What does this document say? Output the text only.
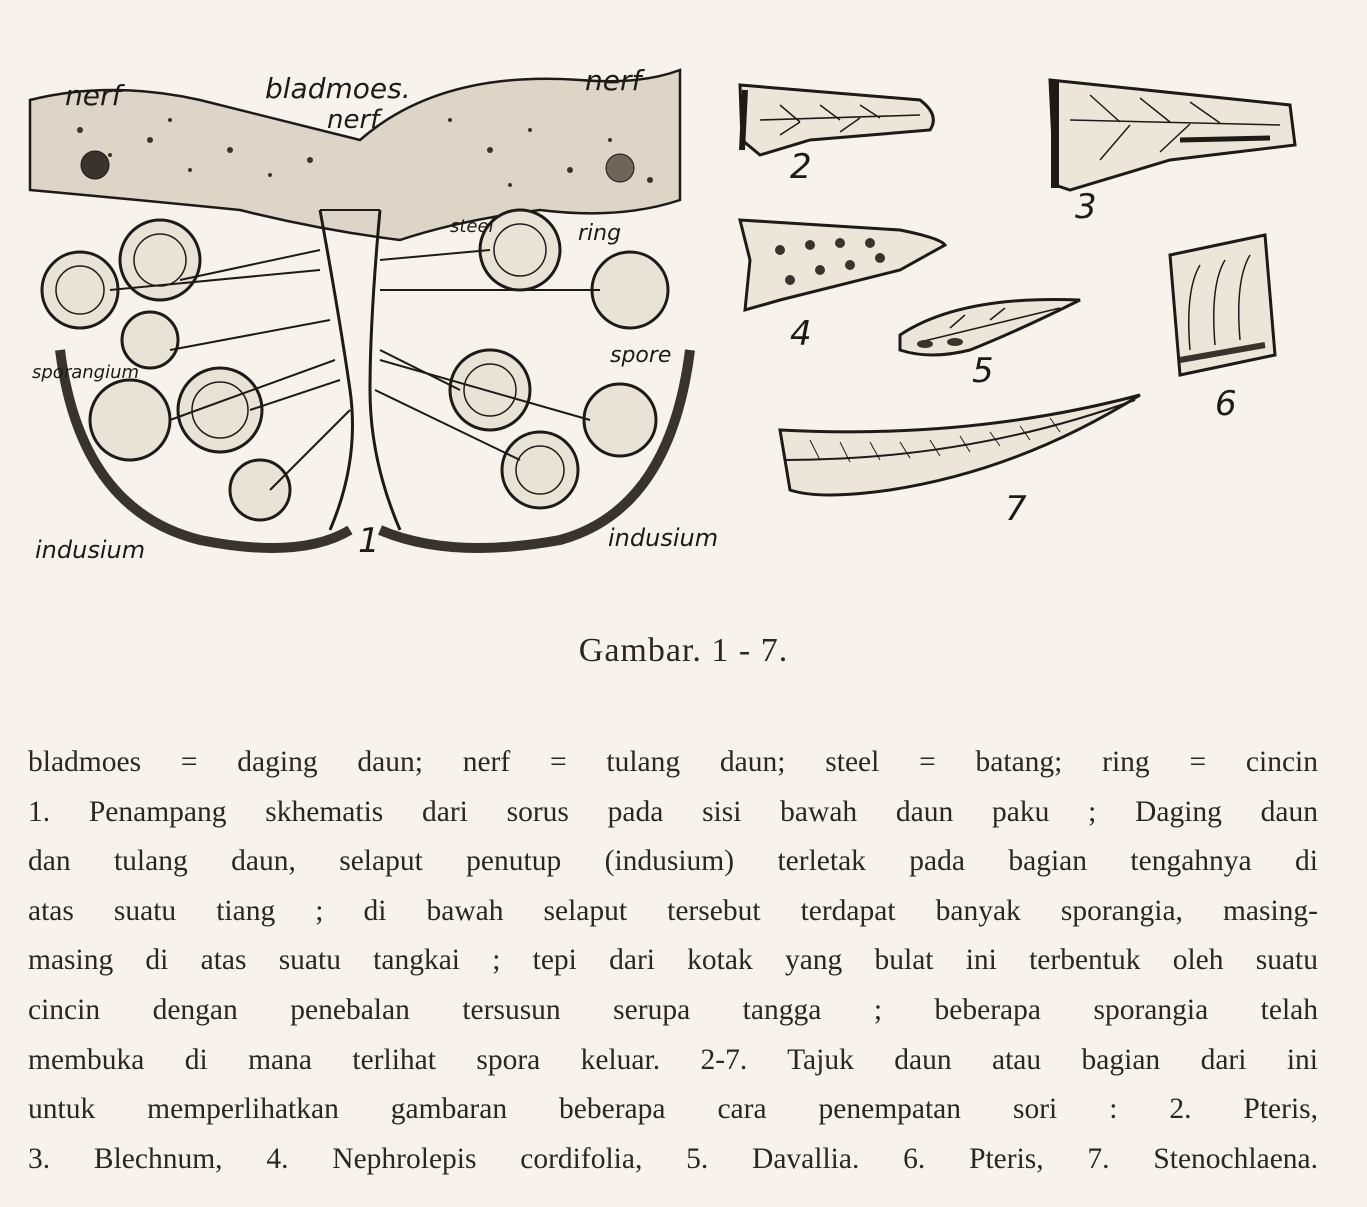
nerf	bladmoes.
nerf
nerf
steel	ring
sporangium
spore
indusium	indusium
1
2
3
4
5
6
7
Gambar. 1 - 7.
bladmoes = daging daun; nerf = tulang daun; steel = batang; ring = cincin
1. Penampang skhematis dari sorus pada sisi bawah daun paku ; Daging daun
dan tulang daun, selaput penutup (indusium) terletak pada bagian tengahnya di
atas suatu tiang ; di bawah selaput tersebut terdapat banyak sporangia, masing-
masing di atas suatu tangkai ; tepi dari kotak yang bulat ini terbentuk oleh suatu
cincin dengan penebalan tersusun serupa tangga ; beberapa sporangia telah
membuka di mana terlihat spora keluar. 2-7. Tajuk daun atau bagian dari ini
untuk memperlihatkan gambaran beberapa cara penempatan sori : 2. Pteris,
3. Blechnum, 4. Nephrolepis cordifolia, 5. Davallia. 6. Pteris, 7. Stenochlaena.
